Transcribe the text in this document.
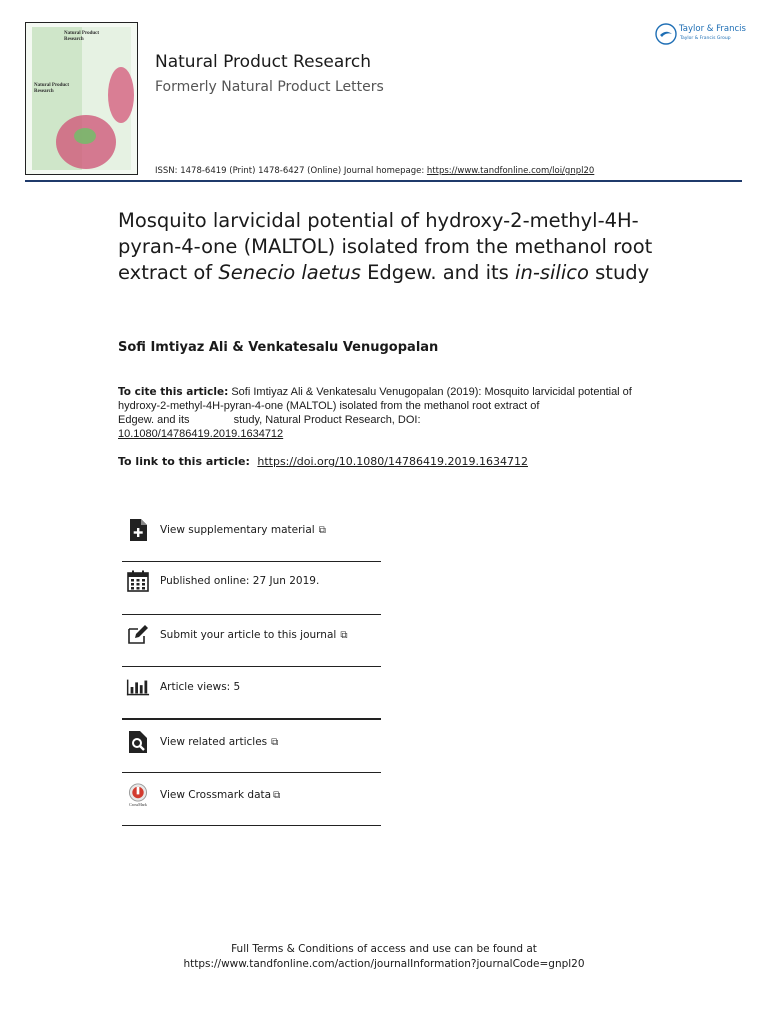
Natural Product Research
Natural Product Research
Natural Product Research
Formerly Natural Product Letters
ISSN: 1478-6419 (Print) 1478-6427 (Online) Journal homepage: https://www.tandfonline.com/loi/gnpl20
Taylor & Francis
Taylor & Francis Group
Mosquito larvicidal potential of hydroxy-2-methyl-4H-pyran-4-one (MALTOL) isolated from the methanol root extract of Senecio laetus Edgew. and its in-silico study
Sofi Imtiyaz Ali & Venkatesalu Venugopalan
To cite this article: Sofi Imtiyaz Ali & Venkatesalu Venugopalan (2019): Mosquito larvicidal potential of hydroxy-2-methyl-4H-pyran-4-one (MALTOL) isolated from the methanol root extract of  Edgew. and its	study, Natural Product Research, DOI:
10.1080/14786419.2019.1634712
To link to this article: https://doi.org/10.1080/14786419.2019.1634712
View supplementary material ⧉
Published online: 27 Jun 2019.
Submit your article to this journal ⧉
Article views: 5
View related articles ⧉
CrossMark
View Crossmark data ⧉
Full Terms & Conditions of access and use can be found at
https://www.tandfonline.com/action/journalInformation?journalCode=gnpl20
